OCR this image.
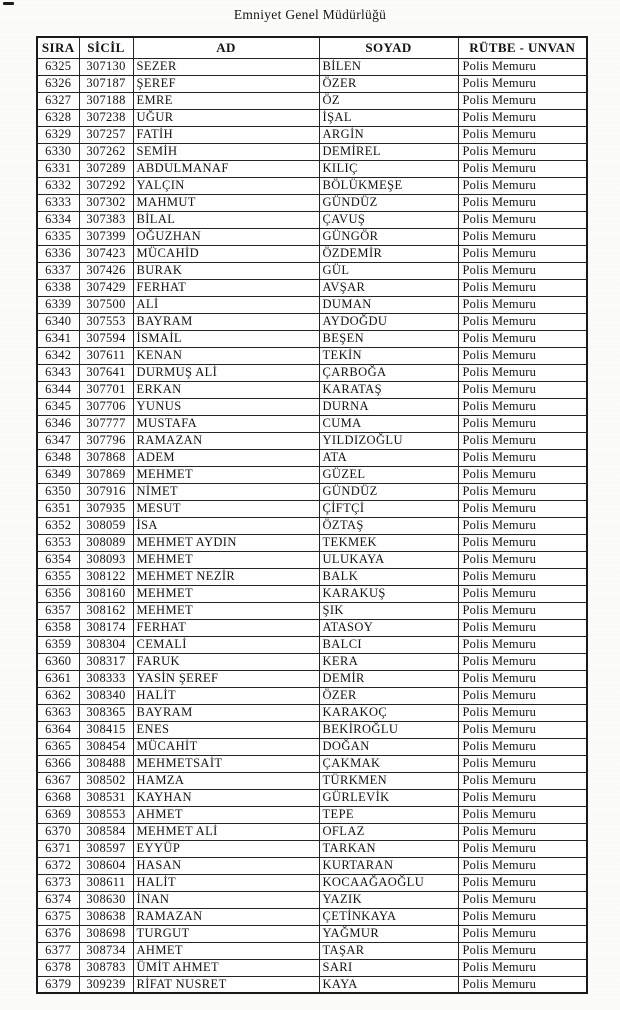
Emniyet Genel Müdürlüğü
SIRA	SİCİL	AD	SOYAD	RÜTBE - UNVAN
6325	307130	SEZER	BİLEN	Polis Memuru
6326	307187	ŞEREF	ÖZER	Polis Memuru
6327	307188	EMRE	ÖZ	Polis Memuru
6328	307238	UĞUR	İŞAL	Polis Memuru
6329	307257	FATİH	ARGİN	Polis Memuru
6330	307262	SEMİH	DEMİREL	Polis Memuru
6331	307289	ABDULMANAF	KILIÇ	Polis Memuru
6332	307292	YALÇIN	BÖLÜKMEŞE	Polis Memuru
6333	307302	MAHMUT	GÜNDÜZ	Polis Memuru
6334	307383	BİLAL	ÇAVUŞ	Polis Memuru
6335	307399	OĞUZHAN	GÜNGÖR	Polis Memuru
6336	307423	MÜCAHİD	ÖZDEMİR	Polis Memuru
6337	307426	BURAK	GÜL	Polis Memuru
6338	307429	FERHAT	AVŞAR	Polis Memuru
6339	307500	ALİ	DUMAN	Polis Memuru
6340	307553	BAYRAM	AYDOĞDU	Polis Memuru
6341	307594	İSMAİL	BEŞEN	Polis Memuru
6342	307611	KENAN	TEKİN	Polis Memuru
6343	307641	DURMUŞ ALİ	ÇARBOĞA	Polis Memuru
6344	307701	ERKAN	KARATAŞ	Polis Memuru
6345	307706	YUNUS	DURNA	Polis Memuru
6346	307777	MUSTAFA	CUMA	Polis Memuru
6347	307796	RAMAZAN	YILDIZOĞLU	Polis Memuru
6348	307868	ADEM	ATA	Polis Memuru
6349	307869	MEHMET	GÜZEL	Polis Memuru
6350	307916	NİMET	GÜNDÜZ	Polis Memuru
6351	307935	MESUT	ÇİFTÇİ	Polis Memuru
6352	308059	İSA	ÖZTAŞ	Polis Memuru
6353	308089	MEHMET AYDIN	TEKMEK	Polis Memuru
6354	308093	MEHMET	ULUKAYA	Polis Memuru
6355	308122	MEHMET NEZİR	BALK	Polis Memuru
6356	308160	MEHMET	KARAKUŞ	Polis Memuru
6357	308162	MEHMET	ŞIK	Polis Memuru
6358	308174	FERHAT	ATASOY	Polis Memuru
6359	308304	CEMALİ	BALCI	Polis Memuru
6360	308317	FARUK	KERA	Polis Memuru
6361	308333	YASİN ŞEREF	DEMİR	Polis Memuru
6362	308340	HALİT	ÖZER	Polis Memuru
6363	308365	BAYRAM	KARAKOÇ	Polis Memuru
6364	308415	ENES	BEKİROĞLU	Polis Memuru
6365	308454	MÜCAHİT	DOĞAN	Polis Memuru
6366	308488	MEHMETSAİT	ÇAKMAK	Polis Memuru
6367	308502	HAMZA	TÜRKMEN	Polis Memuru
6368	308531	KAYHAN	GÜRLEVİK	Polis Memuru
6369	308553	AHMET	TEPE	Polis Memuru
6370	308584	MEHMET ALİ	OFLAZ	Polis Memuru
6371	308597	EYYÜP	TARKAN	Polis Memuru
6372	308604	HASAN	KURTARAN	Polis Memuru
6373	308611	HALİT	KOCAAĞAOĞLU	Polis Memuru
6374	308630	İNAN	YAZIK	Polis Memuru
6375	308638	RAMAZAN	ÇETİNKAYA	Polis Memuru
6376	308698	TURGUT	YAĞMUR	Polis Memuru
6377	308734	AHMET	TAŞAR	Polis Memuru
6378	308783	ÜMİT AHMET	SARI	Polis Memuru
6379	309239	RİFAT NUSRET	KAYA	Polis Memuru
